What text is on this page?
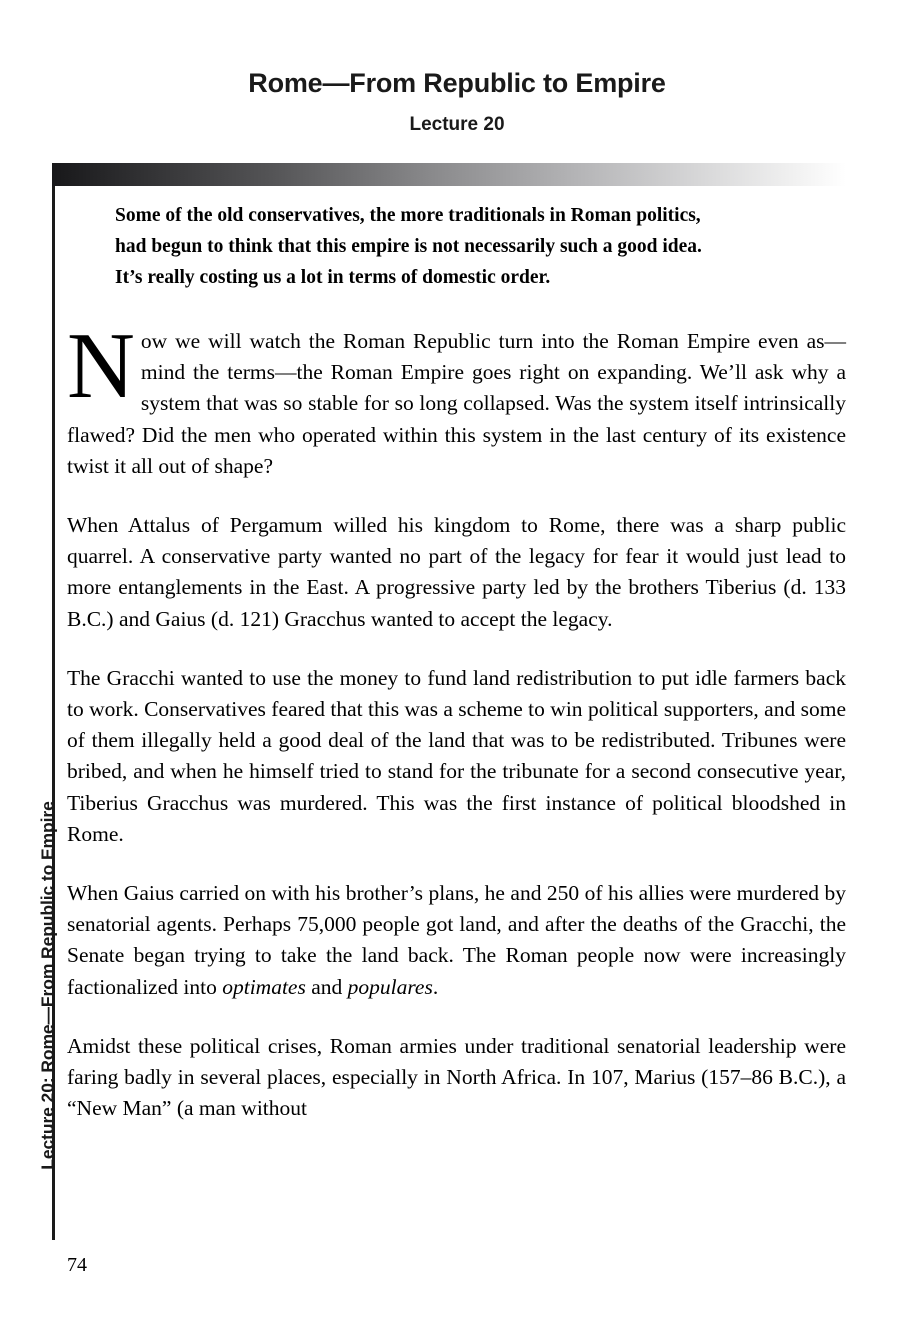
Rome—From Republic to Empire
Lecture 20
Lecture 20: Rome—From Republic to Empire
Some of the old conservatives, the more traditionals in Roman politics,
had begun to think that this empire is not necessarily such a good idea.
It’s really costing us a lot in terms of domestic order.

Now we will watch the Roman Republic turn into the Roman Empire even as—mind the terms—the Roman Empire goes right on expanding. We’ll ask why a system that was so stable for so long collapsed. Was the system itself intrinsically flawed? Did the men who operated within this system in the last century of its existence twist it all out of shape?

When Attalus of Pergamum willed his kingdom to Rome, there was a sharp public quarrel. A conservative party wanted no part of the legacy for fear it would just lead to more entanglements in the East. A progressive party led by the brothers Tiberius (d. 133 B.C.) and Gaius (d. 121) Gracchus wanted to accept the legacy.

The Gracchi wanted to use the money to fund land redistribution to put idle farmers back to work. Conservatives feared that this was a scheme to win political supporters, and some of them illegally held a good deal of the land that was to be redistributed. Tribunes were bribed, and when he himself tried to stand for the tribunate for a second consecutive year, Tiberius Gracchus was murdered. This was the first instance of political bloodshed in Rome.

When Gaius carried on with his brother’s plans, he and 250 of his allies were murdered by senatorial agents. Perhaps 75,000 people got land, and after the deaths of the Gracchi, the Senate began trying to take the land back. The Roman people now were increasingly factionalized into optimates and populares.

Amidst these political crises, Roman armies under traditional senatorial leadership were faring badly in several places, especially in North Africa. In 107, Marius (157–86 B.C.), a “New Man” (a man without

74
